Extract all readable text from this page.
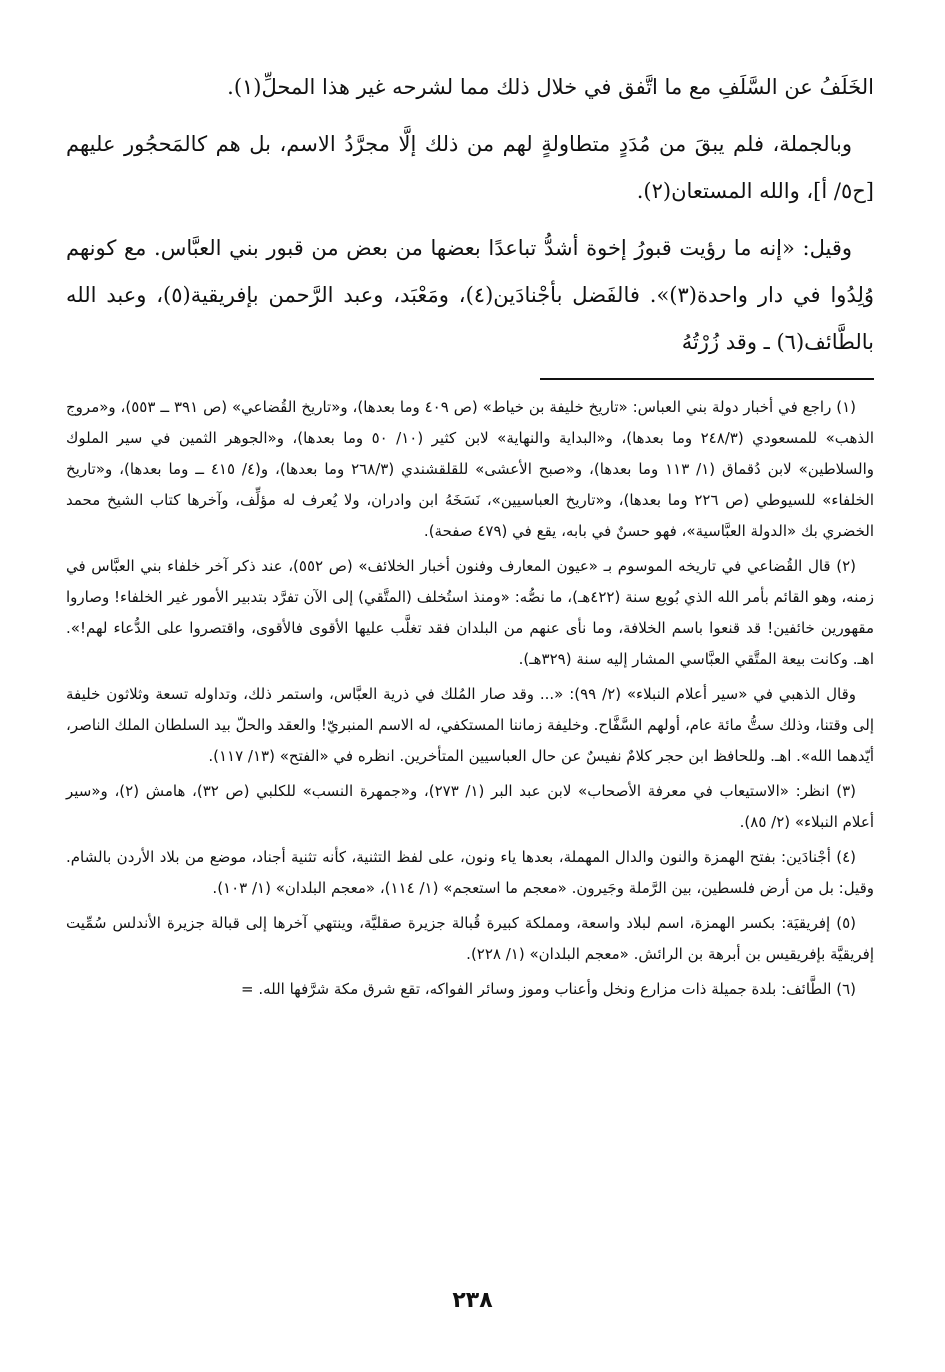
الخَلَفُ عن السَّلَفِ مع ما اتَّفق في خلال ذلك مما لشرحه غير هذا المحلِّ(١).

وبالجملة، فلم يبقَ من مُدَدٍ متطاولةٍ لهم من ذلك إلَّا مجرَّدُ الاسم، بل هم كالمَحجُور عليهم [ح٥/ أ]، والله المستعان(٢).

وقيل: «إنه ما رؤيت قبورُ إخوة أشدُّ تباعدًا بعضها من بعض من قبور بني العبَّاس. مع كونهم وُلِدُوا في دار واحدة(٣)». فالفَضل بأجْنادَين(٤)، ومَعْبَد، وعبد الرَّحمن بإفريقية(٥)، وعبد الله بالطَّائف(٦) ـ وقد زُرْتُهُ

(١) راجع في أخبار دولة بني العباس: «تاريخ خليفة بن خياط» (ص ٤٠٩ وما بعدها)، و«تاريخ القُضاعي» (ص ٣٩١ ــ ٥٥٣)، و«مروج الذهب» للمسعودي (٢٤٨/٣ وما بعدها)، و«البداية والنهاية» لابن كثير (١٠/ ٥٠ وما بعدها)، و«الجوهر الثمين في سير الملوك والسلاطين» لابن دُقماق (١/ ١١٣ وما بعدها)، و«صبح الأعشى» للقلقشندي (٢٦٨/٣ وما بعدها)، و(٤/ ٤١٥ ــ وما بعدها)، و«تاريخ الخلفاء» للسيوطي (ص ٢٢٦ وما بعدها)، و«تاريخ العباسيين»، نَسَخَهُ ابن وادران، ولا يُعرف له مؤلِّف، وآخرها كتاب الشيخ محمد الخضري بك «الدولة العبَّاسية»، فهو حسنٌ في بابه، يقع في (٤٧٩ صفحة).

(٢) قال القُضاعي في تاريخه الموسوم بـ «عيون المعارف وفنون أخبار الخلائف» (ص ٥٥٢)، عند ذكر آخر خلفاء بني العبَّاس في زمنه، وهو القائم بأمر الله الذي بُويع سنة (٤٢٢هـ)، ما نصُّه: «ومنذ استُخلف (المتَّقي) إلى الآن تفرَّد بتدبير الأمور غير الخلفاء! وصاروا مقهورين خائفين! قد قنعوا باسم الخلافة، وما نأى عنهم من البلدان فقد تغلَّب عليها الأقوى فالأقوى، واقتصروا على الدُّعاء لهم!». اهـ. وكانت بيعة المتَّقي العبَّاسي المشار إليه سنة (٣٢٩هـ).

وقال الذهبي في «سير أعلام النبلاء» (٢/ ٩٩): «... وقد صار المُلك في ذرية العبَّاس، واستمر ذلك، وتداوله تسعة وثلاثون خليفة إلى وقتنا، وذلك ستُّ مائة عام، أولهم السَّفَّاح. وخليفة زماننا المستكفي، له الاسم المنبريّ! والعقد والحلّ بيد السلطان الملك الناصر، أيّدهما الله». اهـ. وللحافظ ابن حجر كلامٌ نفيسٌ عن حال العباسيين المتأخرين. انظره في «الفتح» (١٣/ ١١٧).

(٣) انظر: «الاستيعاب في معرفة الأصحاب» لابن عبد البر (١/ ٢٧٣)، و«جمهرة النسب» للكلبي (ص ٣٢)، هامش (٢)، و«سير أعلام النبلاء» (٢/ ٨٥).

(٤) أجْنادَين: بفتح الهمزة والنون والدال المهملة، بعدها ياء ونون، على لفظ التثنية، كأنه تثنية أجناد، موضع من بلاد الأردن بالشام. وقيل: بل من أرض فلسطين، بين الرَّملة وجَيرون. «معجم ما استعجم» (١/ ١١٤)، «معجم البلدان» (١/ ١٠٣).

(٥) إفريقيَة: بكسر الهمزة، اسم لبلاد واسعة، ومملكة كبيرة قُبالة جزيرة صقليَّة، وينتهي آخرها إلى قبالة جزيرة الأندلس سُمِّيت إفريقيَّة بإفريقيس بن أبرهة بن الرائش. «معجم البلدان» (١/ ٢٢٨).

(٦) الطَّائف: بلدة جميلة ذات مزارع ونخل وأعناب وموز وسائر الفواكه، تقع شرق مكة شرَّفها الله. =

٢٣٨
